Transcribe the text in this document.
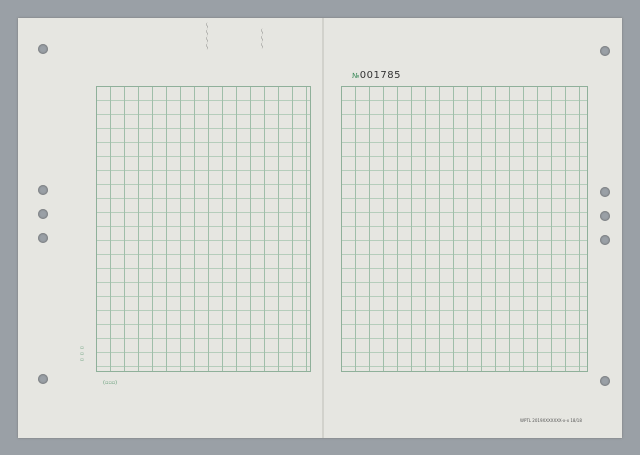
№001785
〜〜〜〜	〜〜〜
▫▫▫
(▫▫▫)
WPTL 2019XXXXXXX-x-x 18/18
